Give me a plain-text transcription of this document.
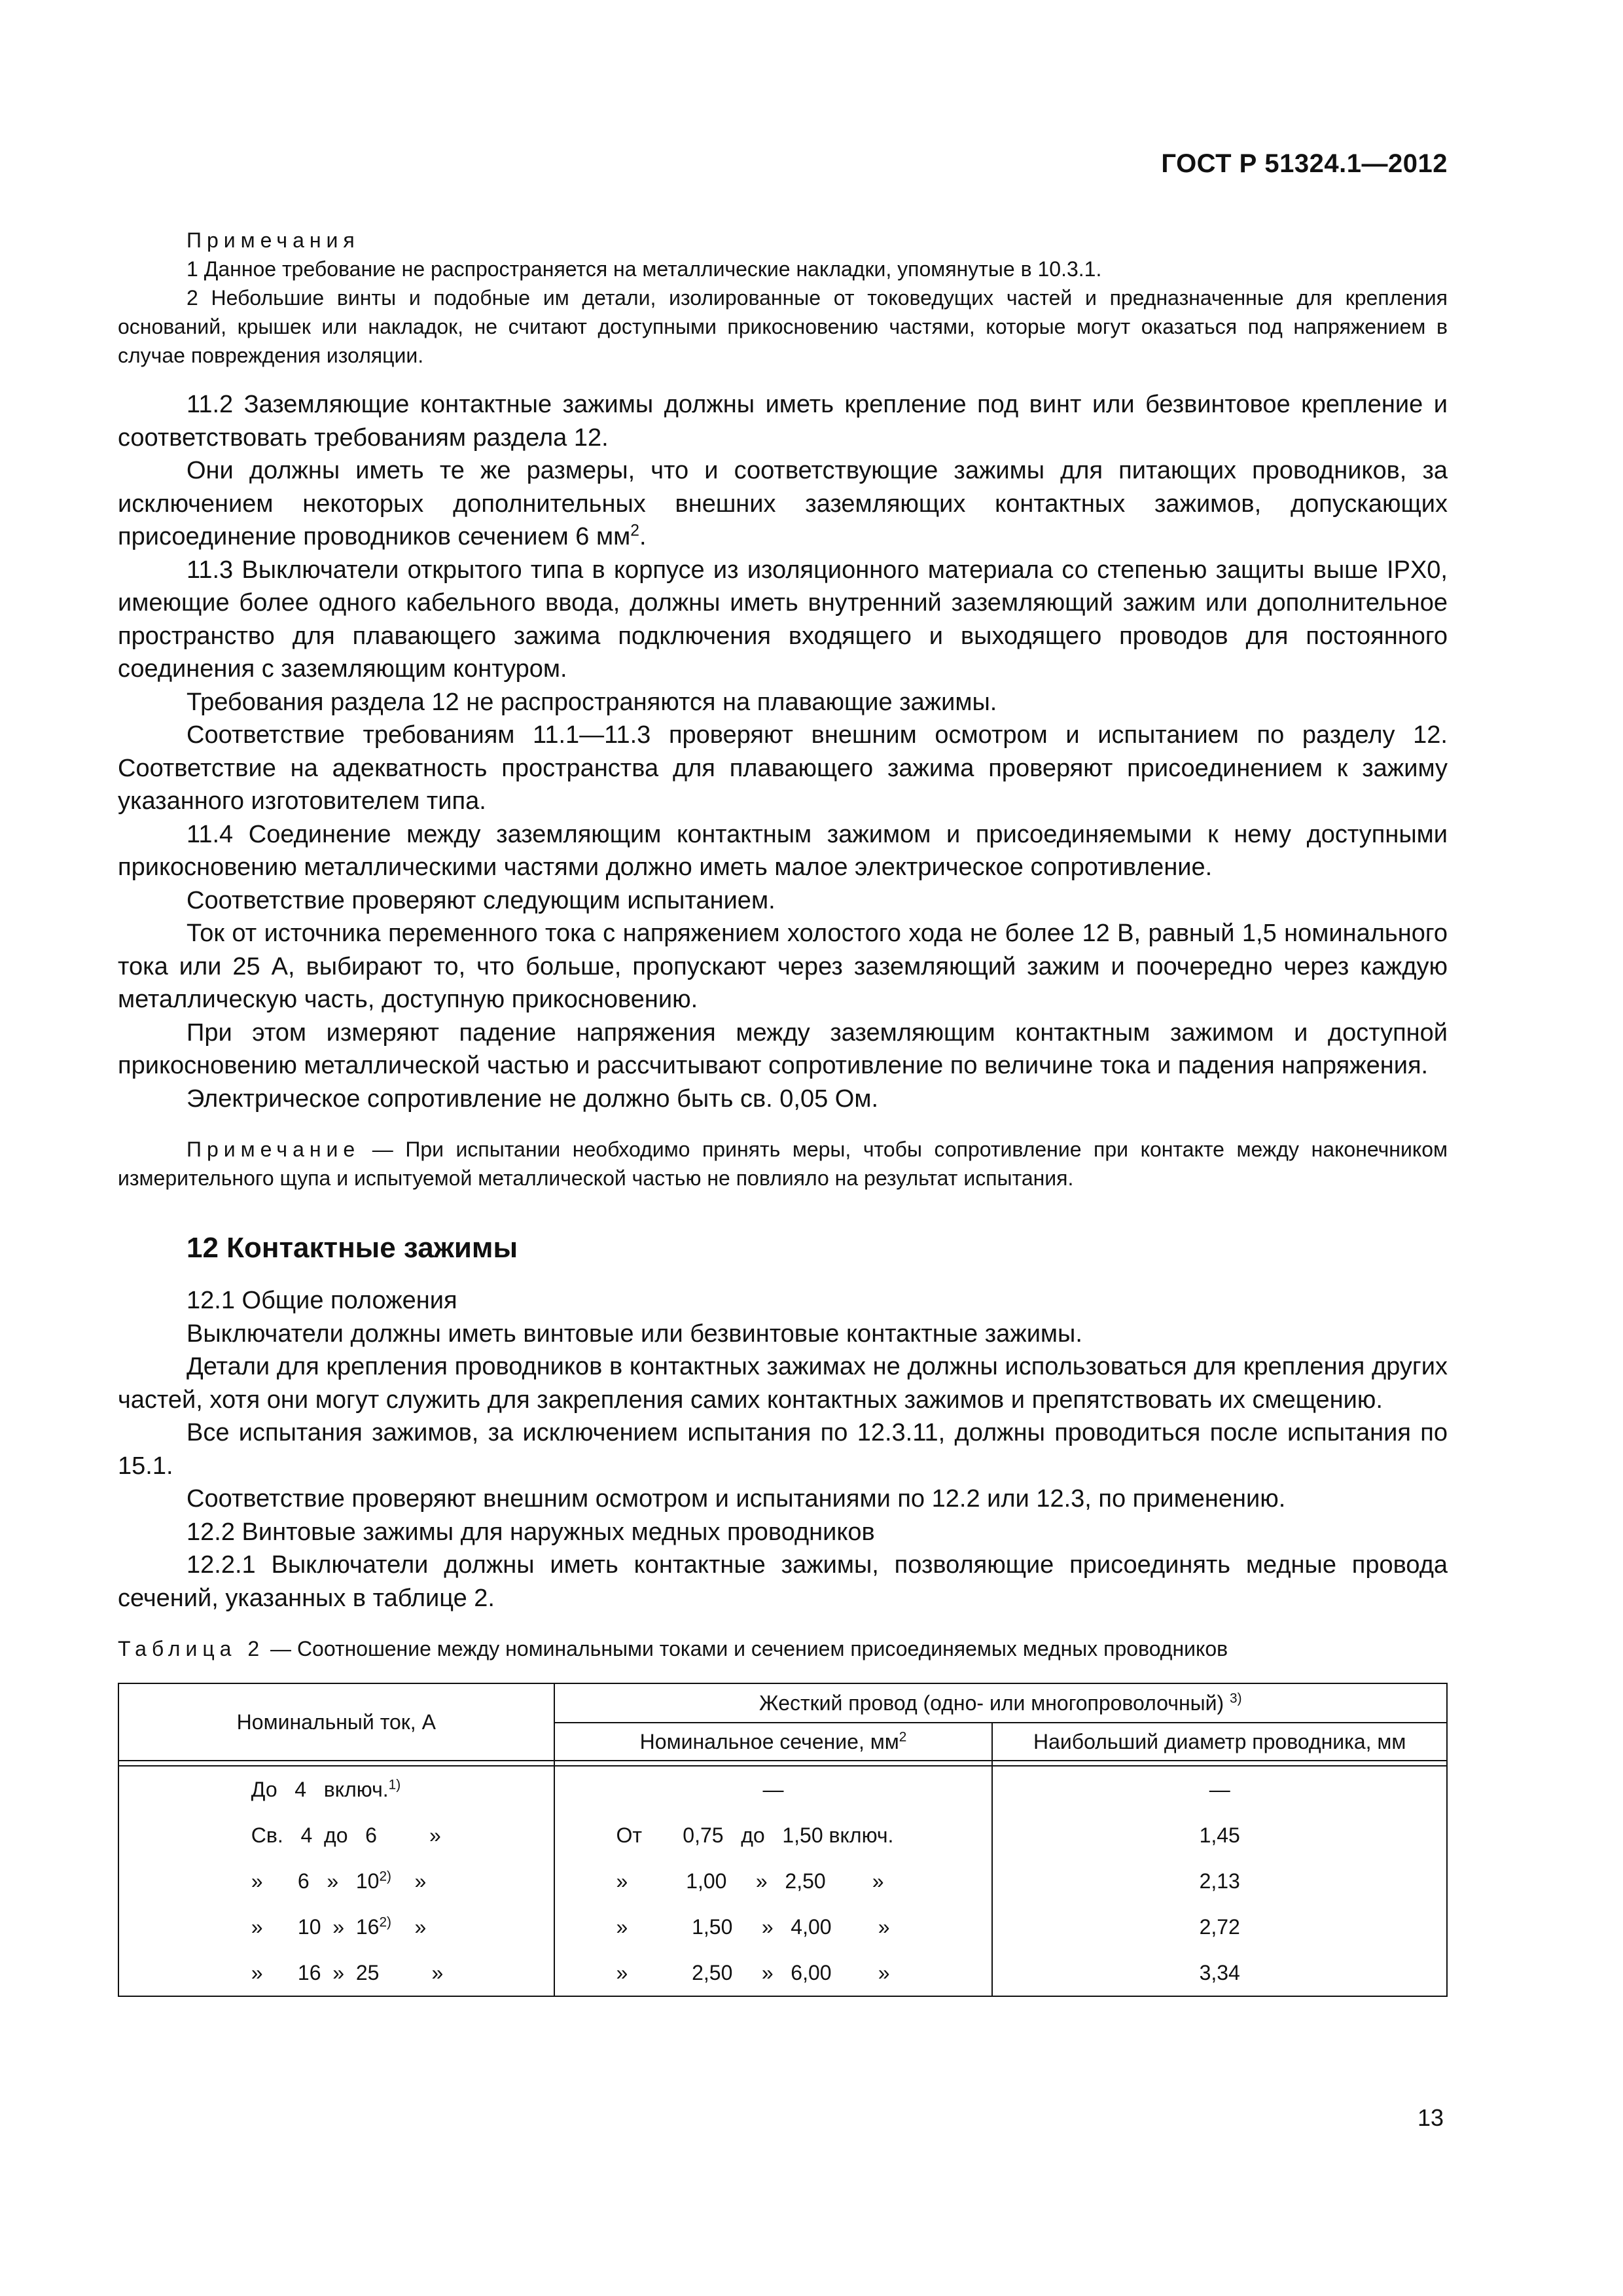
ГОСТ Р 51324.1—2012

Примечания

1 Данное требование не распространяется на металлические накладки, упомянутые в 10.3.1.

2 Небольшие винты и подобные им детали, изолированные от токоведущих частей и предназначенные для крепления оснований, крышек или накладок, не считают доступными прикосновению частями, которые могут оказаться под напряжением в случае повреждения изоляции.

11.2 Заземляющие контактные зажимы должны иметь крепление под винт или безвинтовое крепление и соответствовать требованиям раздела 12.

Они должны иметь те же размеры, что и соответствующие зажимы для питающих проводников, за исключением некоторых дополнительных внешних заземляющих контактных зажимов, допускающих присоединение проводников сечением 6 $мм^2$.

11.3 Выключатели открытого типа в корпусе из изоляционного материала со степенью защиты выше IPX0, имеющие более одного кабельного ввода, должны иметь внутренний заземляющий зажим или дополнительное пространство для плавающего зажима подключения входящего и выходящего проводов для постоянного соединения с заземляющим контуром.

Требования раздела 12 не распространяются на плавающие зажимы.

Соответствие требованиям 11.1—11.3 проверяют внешним осмотром и испытанием по разделу 12. Соответствие на адекватность пространства для плавающего зажима проверяют присоединением к зажиму указанного изготовителем типа.

11.4 Соединение между заземляющим контактным зажимом и присоединяемыми к нему доступными прикосновению металлическими частями должно иметь малое электрическое сопротивление.

Соответствие проверяют следующим испытанием.

Ток от источника переменного тока с напряжением холостого хода не более 12 В, равный 1,5 номинального тока или 25 А, выбирают то, что больше, пропускают через заземляющий зажим и поочередно через каждую металлическую часть, доступную прикосновению.

При этом измеряют падение напряжения между заземляющим контактным зажимом и доступной прикосновению металлической частью и рассчитывают сопротивление по величине тока и падения напряжения.

Электрическое сопротивление не должно быть св. 0,05 Ом.

Примечание — При испытании необходимо принять меры, чтобы сопротивление при контакте между наконечником измерительного щупа и испытуемой металлической частью не повлияло на результат испытания.

12 Контактные зажимы

12.1 Общие положения

Выключатели должны иметь винтовые или безвинтовые контактные зажимы.

Детали для крепления проводников в контактных зажимах не должны использоваться для крепления других частей, хотя они могут служить для закрепления самих контактных зажимов и препятствовать их смещению.

Все испытания зажимов, за исключением испытания по 12.3.11, должны проводиться после испытания по 15.1.

Соответствие проверяют внешним осмотром и испытаниями по 12.2 или 12.3, по применению.

12.2 Винтовые зажимы для наружных медных проводников

12.2.1 Выключатели должны иметь контактные зажимы, позволяющие присоединять медные провода сечений, указанных в таблице 2.

Таблица 2 — Соотношение между номинальными токами и сечением присоединяемых медных проводников
Номинальный ток, А	Жесткий провод (одно- или многопроволочный) $^{3)}$
	Номинальное сечение, $мм^2$	Наибольший диаметр проводника, мм

До   4   включ.$^{1)}$	—	—
Св.   4  до   6         »	От       0,75   до   1,50 включ.	1,45
»      6   »   10$^{2)}$    »	»          1,00     »   2,50        »	2,13
»      10  »  16$^{2)}$    »	»           1,50     »   4,00        »	2,72
»      16  »  25         »	»           2,50     »   6,00        »	3,34
13
